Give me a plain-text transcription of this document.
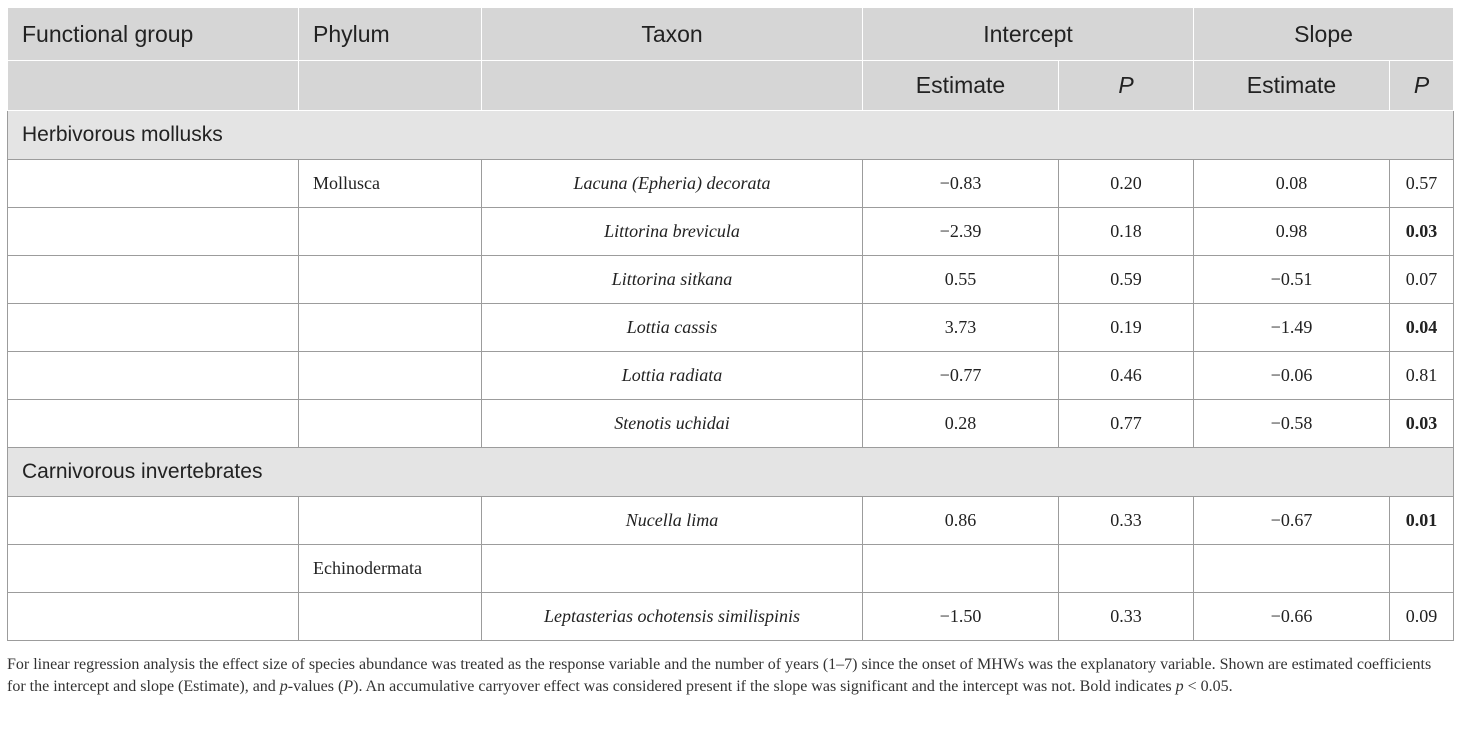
Functional group	Phylum	Taxon	Intercept		Slope	
			Estimate	P	Estimate	P
Herbivorous mollusks						
	Mollusca	Lacuna (Epheria) decorata	−0.83	0.20	0.08	0.57
		Littorina brevicula	−2.39	0.18	0.98	0.03
		Littorina sitkana	0.55	0.59	−0.51	0.07
		Lottia cassis	3.73	0.19	−1.49	0.04
		Lottia radiata	−0.77	0.46	−0.06	0.81
		Stenotis uchidai	0.28	0.77	−0.58	0.03
Carnivorous invertebrates						
		Nucella lima	0.86	0.33	−0.67	0.01
	Echinodermata					
		Leptasterias ochotensis similispinis	−1.50	0.33	−0.66	0.09

For linear regression analysis the effect size of species abundance was treated as the response variable and the number of years (1–7) since the onset of MHWs was the explanatory variable. Shown are estimated coefficients for the intercept and slope (Estimate), and p-values (P). An accumulative carryover effect was considered present if the slope was significant and the intercept was not. Bold indicates p < 0.05.
